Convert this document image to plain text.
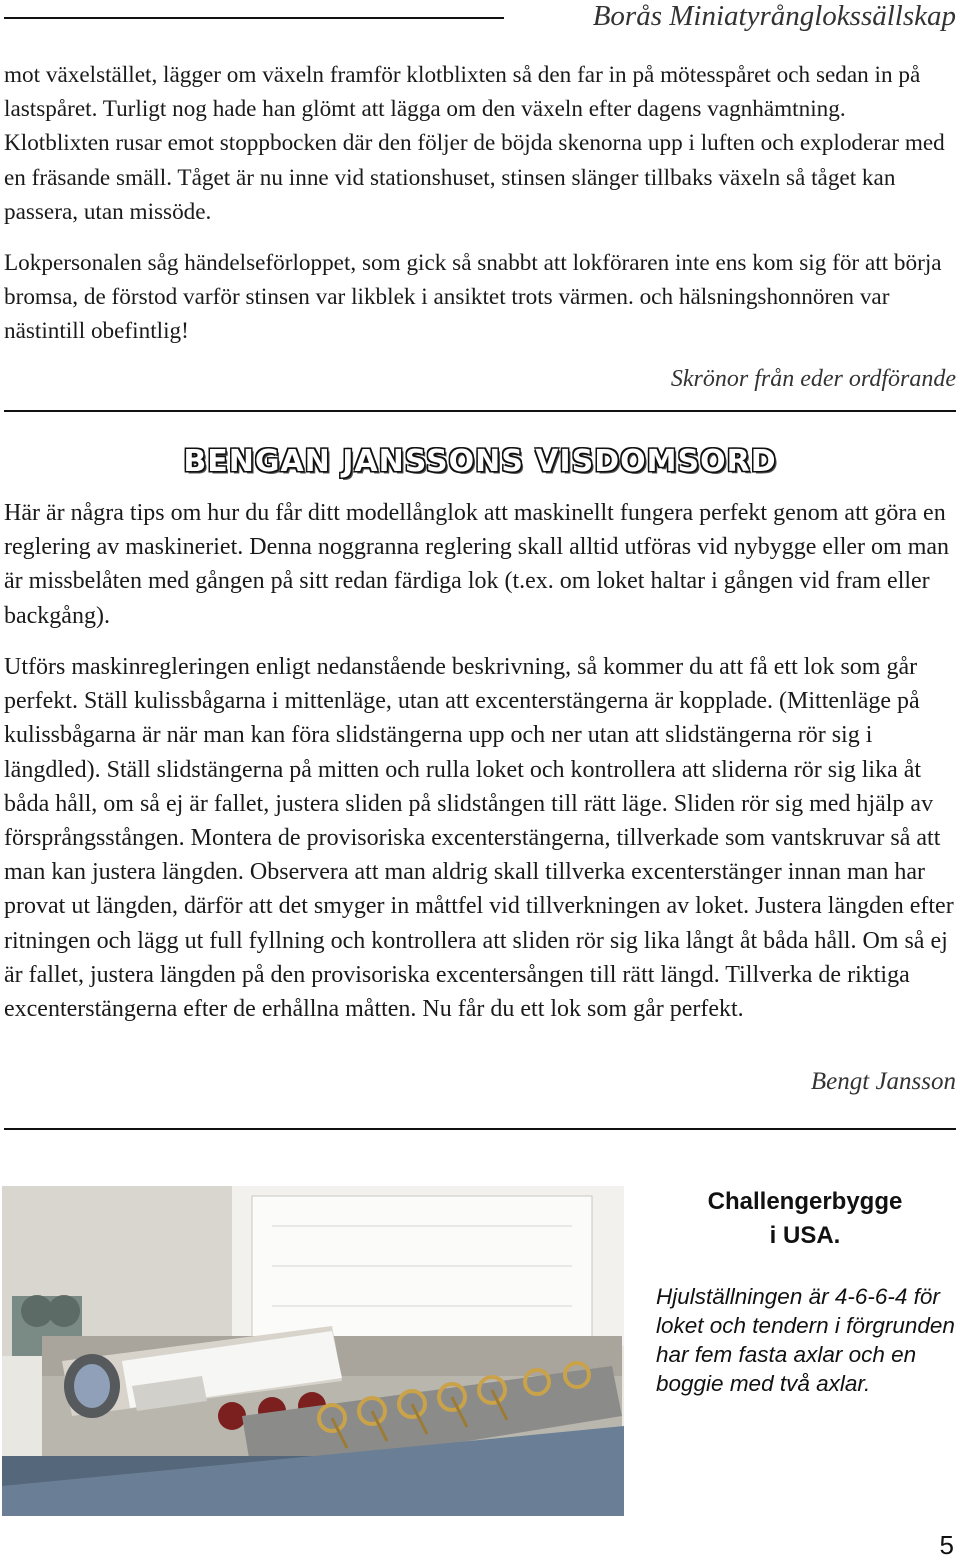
Borås Miniatyrånglokssällskap

mot växelstället, lägger om växeln framför klotblixten så den far in på mötesspåret och sedan in på lastspåret. Turligt nog hade han glömt att lägga om den växeln efter dagens vagnhämtning. Klotblixten rusar emot stoppbocken där den följer de böjda skenorna upp i luften och exploderar med en fräsande smäll. Tåget är nu inne vid stationshuset, stinsen slänger tillbaks växeln så tåget kan passera, utan missöde.

Lokpersonalen såg händelseförloppet, som gick så snabbt att lokföraren inte ens kom sig för att börja bromsa, de förstod varför stinsen var likblek i ansiktet trots värmen. och hälsningshonnören var nästintill obefintlig!

Skrönor från eder ordförande
BENGAN JANSSONS VISDOMSORD

Här är några tips om hur du får ditt modellånglok att maskinellt fungera perfekt genom att göra en reglering av maskineriet. Denna noggranna reglering skall alltid utföras vid nybygge eller om man är missbelåten med gången på sitt redan färdiga lok (t.ex. om loket haltar i gången vid fram eller backgång).

Utförs maskinregleringen enligt nedanstående beskrivning, så kommer du att få ett lok som går perfekt. Ställ kulissbågarna i mittenläge, utan att excenterstängerna är kopplade. (Mittenläge på kulissbågarna är när man kan föra slidstängerna upp och ner utan att slidstängerna rör sig i längdled). Ställ slidstängerna på mitten och rulla loket och kontrollera att sliderna rör sig lika åt båda håll, om så ej är fallet, justera sliden på slidstången till rätt läge. Sliden rör sig med hjälp av försprångsstången. Montera de provisoriska excenterstängerna, tillverkade som vantskruvar så att man kan justera längden. Observera att man aldrig skall tillverka excenterstänger innan man har provat ut längden, därför att det smyger in måttfel vid tillverkningen av loket. Justera längden efter ritningen och lägg ut full fyllning och kontrollera att sliden rör sig lika långt åt båda håll. Om så ej är fallet, justera längden på den provisoriska excentersången till rätt längd. Tillverka de riktiga excenterstängerna efter de erhållna måtten. Nu får du ett lok som går perfekt.

Bengt Jansson

Challengerbygge
i USA.

Hjulställningen är 4-6-6-4 för loket och tendern i förgrunden har fem fasta axlar och en boggie med två axlar.

5
